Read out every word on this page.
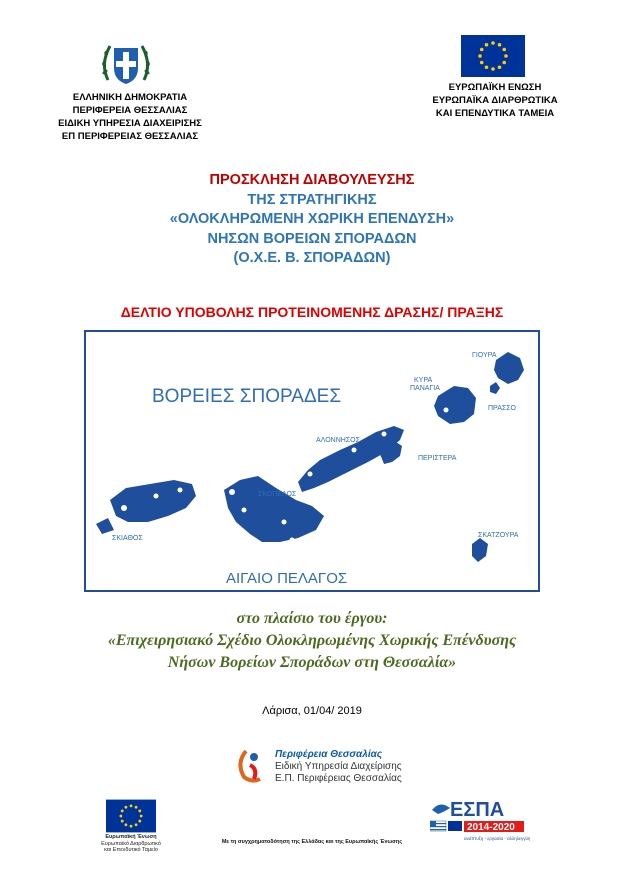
ΕΛΛΗΝΙΚΗ ΔΗΜΟΚΡΑΤΙΑ
ΠΕΡΙΦΕΡΕΙΑ ΘΕΣΣΑΛΙΑΣ
ΕΙΔΙΚΗ ΥΠΗΡΕΣΙΑ ΔΙΑΧΕΙΡΙΣΗΣ
ΕΠ ΠΕΡΙΦΕΡΕΙΑΣ ΘΕΣΣΑΛΙΑΣ
ΕΥΡΩΠΑΪΚΗ ΕΝΩΣΗ
ΕΥΡΩΠΑΪΚΑ ΔΙΑΡΘΡΩΤΙΚΑ
ΚΑΙ ΕΠΕΝΔΥΤΙΚΑ ΤΑΜΕΙΑ
ΠΡΟΣΚΛΗΣΗ ΔΙΑΒΟΥΛΕΥΣΗΣ
ΤΗΣ ΣΤΡΑΤΗΓΙΚΗΣ
«ΟΛΟΚΛΗΡΩΜΕΝΗ ΧΩΡΙΚΗ ΕΠΕΝΔΥΣΗ»
ΝΗΣΩΝ ΒΟΡΕΙΩΝ ΣΠΟΡΑΔΩΝ
(Ο.Χ.Ε. Β. ΣΠΟΡΑΔΩΝ)
ΔΕΛΤΙΟ ΥΠΟΒΟΛΗΣ ΠΡΟΤΕΙΝΟΜΕΝΗΣ ΔΡΑΣΗΣ/ ΠΡΑΞΗΣ
ΒΟΡΕΙΕΣ ΣΠΟΡΑΔΕΣ
ΑΙΓΑΙΟ ΠΕΛΑΓΟΣ
ΣΚΙΑΘΟΣ
ΣΚΟΠΕΛΟΣ
ΑΛΟΝΝΗΣΟΣ
ΠΕΡΙΣΤΕΡΑ
ΚΥΡΑ
ΠΑΝΑΓΙΑ
ΓΙΟΥΡΑ
ΠΡΑΣΣΟ
ΣΚΑΤΖΟΥΡΑ
στο πλαίσιο του έργου:
«Επιχειρησιακό Σχέδιο Ολοκληρωμένης Χωρικής Επένδυσης
Νήσων Βορείων Σποράδων στη Θεσσαλία»
Λάρισα, 01/04/ 2019
Περιφέρεια Θεσσαλίας
Ειδική Υπηρεσία Διαχείρισης
Ε.Π. Περιφέρειας Θεσσαλίας
Ευρωπαϊκή Ένωση
Ευρωπαϊκό Διαρθρωτικό
και Επενδυτικό Ταμείο
Με τη συγχρηματοδότηση της Ελλάδας και της Ευρωπαϊκής Ένωσης
ΕΣΠΑ
2014-2020
ανάπτυξη - εργασία - αλληλεγγύη
